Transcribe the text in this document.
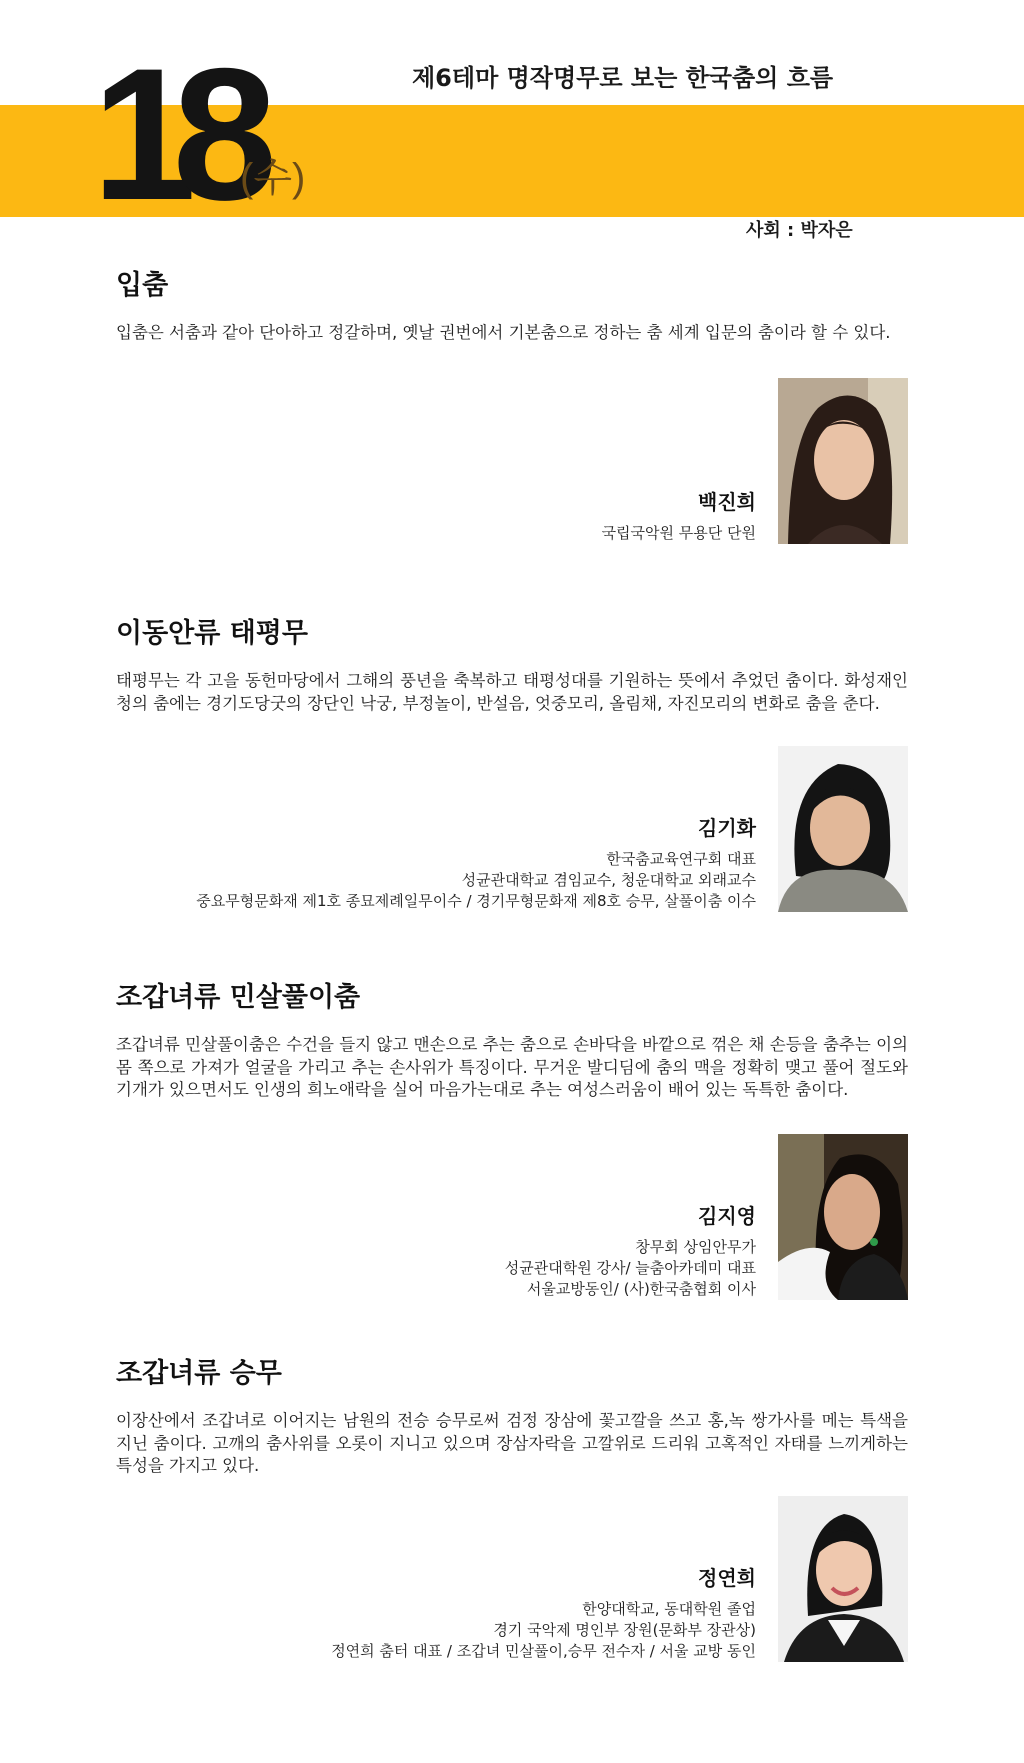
18
(수)
제6테마 명작명무로 보는 한국춤의 흐름
사회 : 박자은
입춤

입춤은 서춤과 같아 단아하고 정갈하며, 옛날 권번에서 기본춤으로 정하는 춤 세계 입문의 춤이라 할 수 있다.

백진희
국립국악원 무용단 단원
이동안류 태평무

태평무는 각 고을 동헌마당에서 그해의 풍년을 축복하고 태평성대를 기원하는 뜻에서 추었던 춤이다. 화성재인청의 춤에는 경기도당굿의 장단인 낙궁, 부정놀이, 반설음, 엇중모리, 올림채, 자진모리의 변화로 춤을 춘다.

김기화
한국춤교육연구회 대표
성균관대학교 겸임교수, 청운대학교 외래교수
중요무형문화재 제1호 종묘제례일무이수 / 경기무형문화재 제8호 승무, 살풀이춤 이수
조갑녀류 민살풀이춤

조갑녀류 민살풀이춤은 수건을 들지 않고 맨손으로 추는 춤으로 손바닥을 바깥으로 꺾은 채 손등을 춤추는 이의 몸 쪽으로 가져가 얼굴을 가리고 추는 손사위가 특징이다. 무거운 발디딤에 춤의 맥을 정확히 맺고 풀어 절도와 기개가 있으면서도 인생의 희노애락을 실어 마음가는대로 추는 여성스러움이 배어 있는 독특한 춤이다.

김지영
창무회 상임안무가
성균관대학원 강사/ 늘춤아카데미 대표
서울교방동인/ (사)한국춤협회 이사
조갑녀류 승무

이장산에서 조갑녀로 이어지는 남원의 전승 승무로써 검정 장삼에 꽃고깔을 쓰고 홍,녹 쌍가사를 메는 특색을 지닌 춤이다. 고깨의 춤사위를 오롯이 지니고 있으며 장삼자락을 고깔위로 드리워 고혹적인 자태를 느끼게하는 특성을 가지고 있다.

정연희
한양대학교, 동대학원 졸업
경기 국악제 명인부 장원(문화부 장관상)
정연희 춤터 대표 / 조갑녀 민살풀이,승무 전수자 / 서울 교방 동인
